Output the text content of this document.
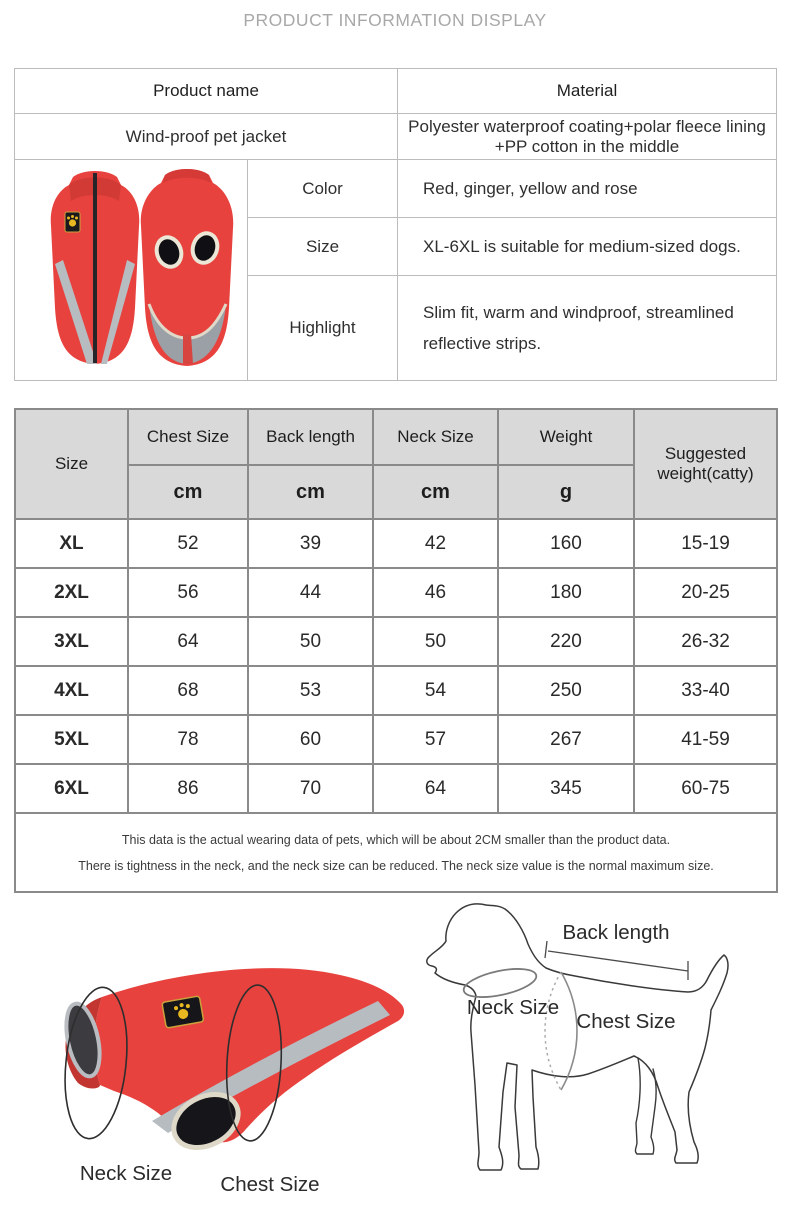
PRODUCT INFORMATION DISPLAY
Product name		Material
Wind-proof pet jacket		Polyester waterproof coating+polar fleece lining
+PP cotton in the middle

	Color	Red, ginger, yellow and rose
	Size	XL-6XL is suitable for medium-sized dogs.
	Highlight	Slim fit, warm and windproof, streamlined reflective strips.
Size	Chest Size	Back length	Neck Size	Weight	Suggested weight(catty)
	cm	cm	cm	g	
XL	52	39	42	160	15-19
2XL	56	44	46	180	20-25
3XL	64	50	50	220	26-32
4XL	68	53	54	250	33-40
5XL	78	60	57	267	41-59
6XL	86	70	64	345	60-75

This data is the actual wearing data of pets, which will be about 2CM smaller than the product data.
There is tightness in the neck, and the neck size can be reduced. The neck size value is the normal maximum size.					
Neck Size Chest Size
Back length
Neck Size
Chest Size
